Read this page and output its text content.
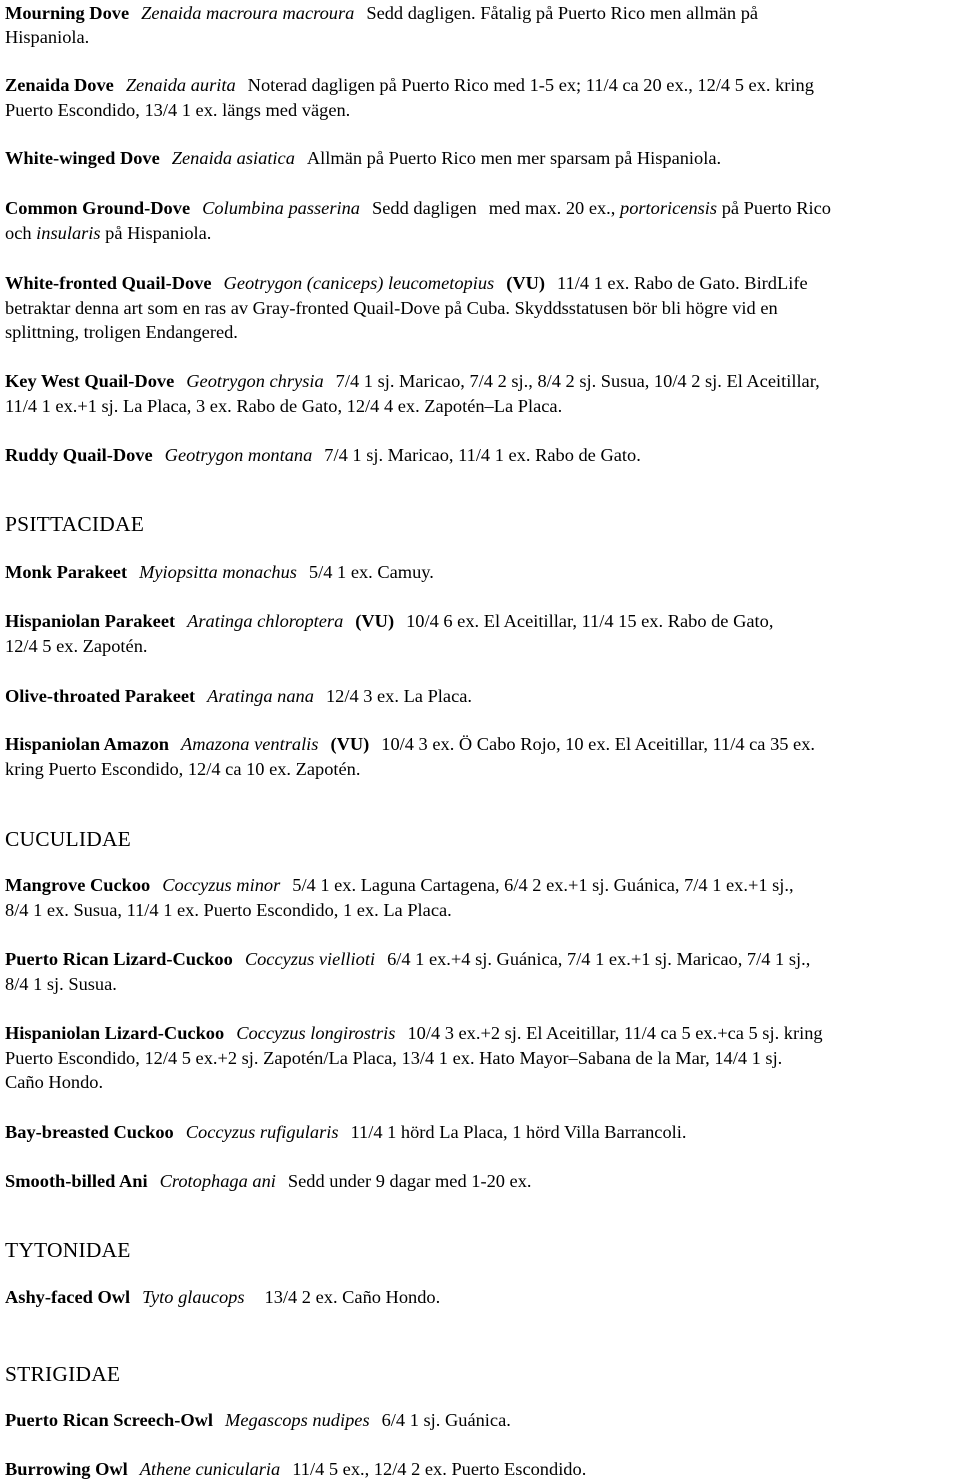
Mourning Dove Zenaida macroura macroura Sedd dagligen. Fåtalig på Puerto Rico men allmän på
Hispaniola.
Zenaida Dove Zenaida aurita Noterad dagligen på Puerto Rico med 1-5 ex; 11/4 ca 20 ex., 12/4 5 ex. kring
Puerto Escondido, 13/4 1 ex. längs med vägen.
White-winged Dove Zenaida asiatica Allmän på Puerto Rico men mer sparsam på Hispaniola.
Common Ground-Dove Columbina passerina Sedd dagligen med max. 20 ex., portoricensis på Puerto Rico
och insularis på Hispaniola.
White-fronted Quail-Dove Geotrygon (caniceps) leucometopius (VU) 11/4 1 ex. Rabo de Gato. BirdLife
betraktar denna art som en ras av Gray-fronted Quail-Dove på Cuba. Skyddsstatusen bör bli högre vid en
splittning, troligen Endangered.
Key West Quail-Dove Geotrygon chrysia 7/4 1 sj. Maricao, 7/4 2 sj., 8/4 2 sj. Susua, 10/4 2 sj. El Aceitillar,
11/4 1 ex.+1 sj. La Placa, 3 ex. Rabo de Gato, 12/4 4 ex. Zapotén–La Placa.
Ruddy Quail-Dove Geotrygon montana 7/4 1 sj. Maricao, 11/4 1 ex. Rabo de Gato.
PSITTACIDAE
Monk Parakeet Myiopsitta monachus 5/4 1 ex. Camuy.
Hispaniolan Parakeet Aratinga chloroptera (VU) 10/4 6 ex. El Aceitillar, 11/4 15 ex. Rabo de Gato,
12/4 5 ex. Zapotén.
Olive-throated Parakeet Aratinga nana 12/4 3 ex. La Placa.
Hispaniolan Amazon Amazona ventralis (VU) 10/4 3 ex. Ö Cabo Rojo, 10 ex. El Aceitillar, 11/4 ca 35 ex.
kring Puerto Escondido, 12/4 ca 10 ex. Zapotén.
CUCULIDAE
Mangrove Cuckoo Coccyzus minor 5/4 1 ex. Laguna Cartagena, 6/4 2 ex.+1 sj. Guánica, 7/4 1 ex.+1 sj.,
8/4 1 ex. Susua, 11/4 1 ex. Puerto Escondido, 1 ex. La Placa.
Puerto Rican Lizard-Cuckoo Coccyzus viellioti 6/4 1 ex.+4 sj. Guánica, 7/4 1 ex.+1 sj. Maricao, 7/4 1 sj.,
8/4 1 sj. Susua.
Hispaniolan Lizard-Cuckoo Coccyzus longirostris 10/4 3 ex.+2 sj. El Aceitillar, 11/4 ca 5 ex.+ca 5 sj. kring
Puerto Escondido, 12/4 5 ex.+2 sj. Zapotén/La Placa, 13/4 1 ex. Hato Mayor–Sabana de la Mar, 14/4 1 sj.
Caño Hondo.
Bay-breasted Cuckoo Coccyzus rufigularis 11/4 1 hörd La Placa, 1 hörd Villa Barrancoli.
Smooth-billed Ani Crotophaga ani Sedd under 9 dagar med 1-20 ex.
TYTONIDAE
Ashy-faced Owl Tyto glaucops 13/4 2 ex. Caño Hondo.
STRIGIDAE
Puerto Rican Screech-Owl Megascops nudipes 6/4 1 sj. Guánica.
Burrowing Owl Athene cunicularia 11/4 5 ex., 12/4 2 ex. Puerto Escondido.
